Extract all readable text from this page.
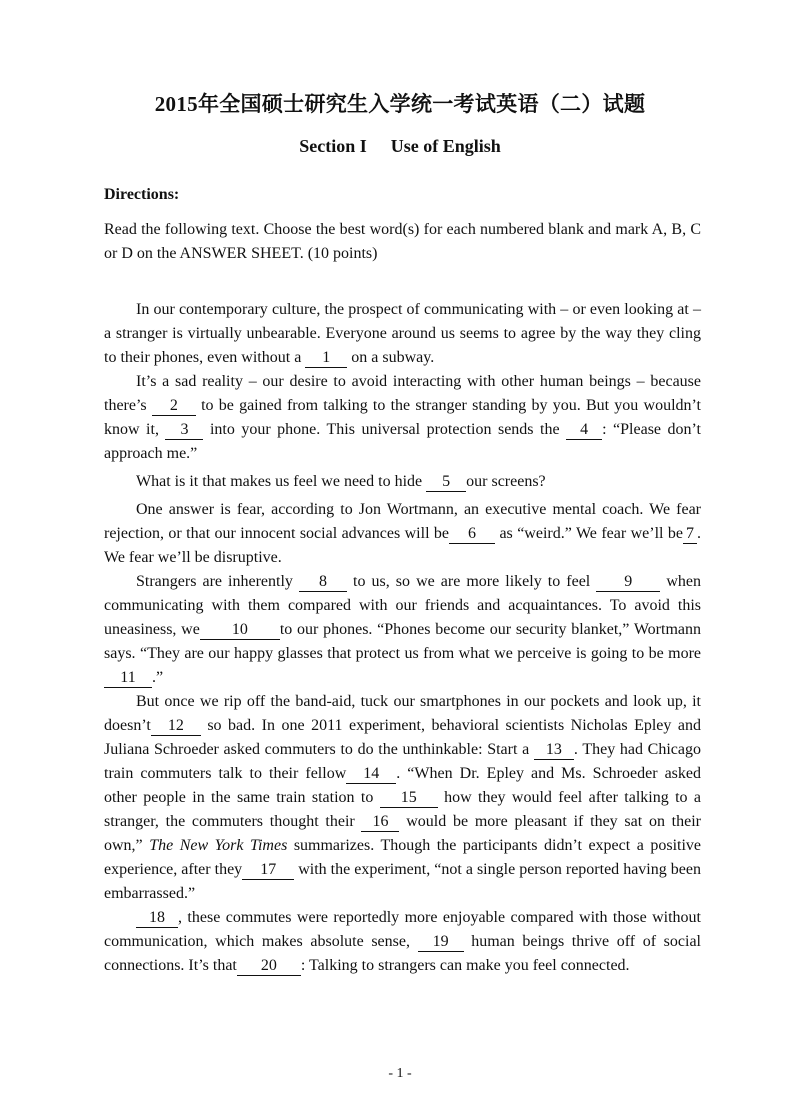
2015年全国硕士研究生入学统一考试英语（二）试题
Section I Use of English
Directions:
Read the following text. Choose the best word(s) for each numbered blank and mark A, B, C or D on the ANSWER SHEET. (10 points)

In our contemporary culture, the prospect of communicating with – or even looking at – a stranger is virtually unbearable. Everyone around us seems to agree by the way they cling to their phones, even without a 1 on a subway.

It’s a sad reality – our desire to avoid interacting with other human beings – because there’s 2 to be gained from talking to the stranger standing by you. But you wouldn’t know it, 3 into your phone. This universal protection sends the 4 : “Please don’t approach me.”

What is it that makes us feel we need to hide 5 our screens?

One answer is fear, according to Jon Wortmann, an executive mental coach. We fear rejection, or that our innocent social advances will be 6 as “weird.” We fear we’ll be 7 . We fear we’ll be disruptive.

Strangers are inherently 8 to us, so we are more likely to feel 9 when communicating with them compared with our friends and acquaintances. To avoid this uneasiness, we 10 to our phones. “Phones become our security blanket,” Wortmann says. “They are our happy glasses that protect us from what we perceive is going to be more 11 .”

But once we rip off the band-aid, tuck our smartphones in our pockets and look up, it doesn’t 12 so bad. In one 2011 experiment, behavioral scientists Nicholas Epley and Juliana Schroeder asked commuters to do the unthinkable: Start a 13 . They had Chicago train commuters talk to their fellow 14 . “When Dr. Epley and Ms. Schroeder asked other people in the same train station to 15 how they would feel after talking to a stranger, the commuters thought their 16 would be more pleasant if they sat on their own,” The New York Times summarizes. Though the participants didn’t expect a positive experience, after they 17 with the experiment, “not a single person reported having been embarrassed.”

18 , these commutes were reportedly more enjoyable compared with those without communication, which makes absolute sense, 19 human beings thrive off of social connections. It’s that 20 : Talking to strangers can make you feel connected.

- 1 -
